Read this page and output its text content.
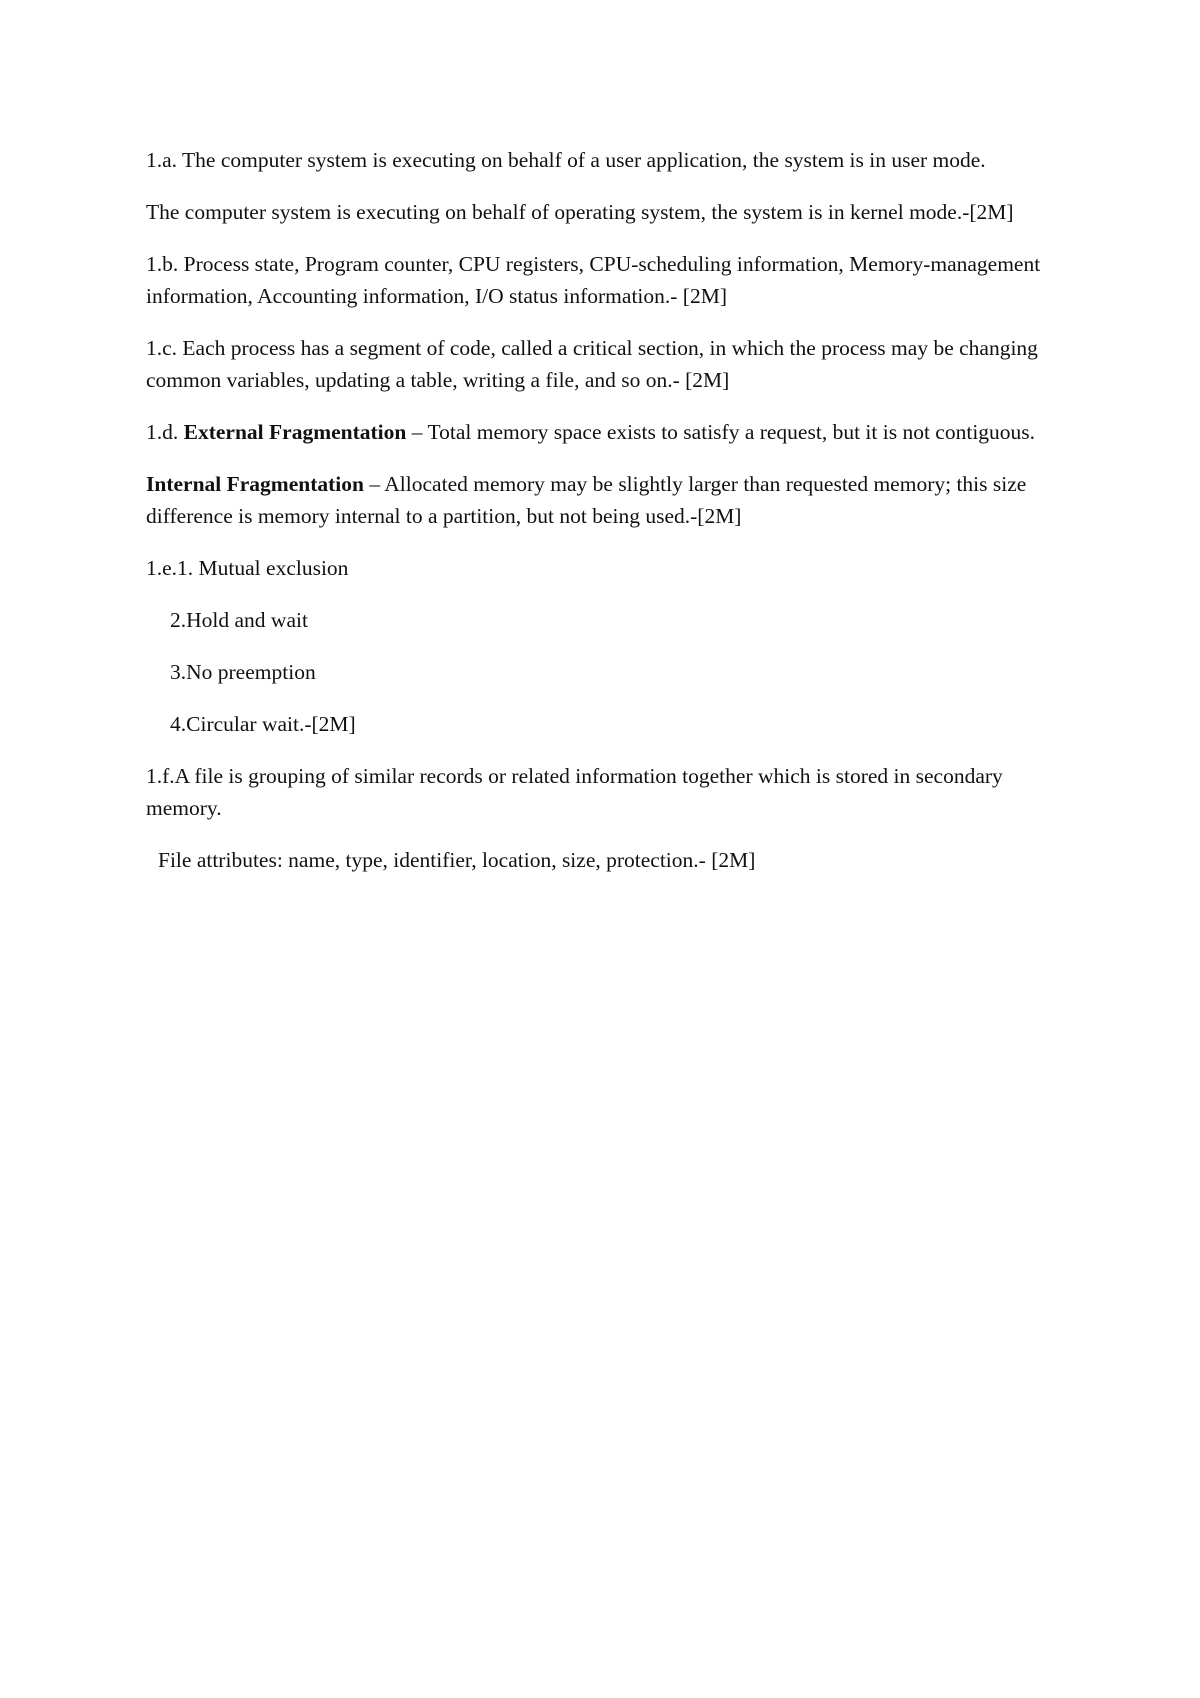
1.a. The computer system is executing on behalf of a user application, the system is in user mode.

The computer system is executing on behalf of operating system, the system is in kernel mode.-[2M]

1.b. Process state, Program counter, CPU registers, CPU-scheduling information, Memory-management information, Accounting information, I/O status information.- [2M]

1.c. Each process has a segment of code, called a critical section, in which the process may be changing common variables, updating a table, writing a file, and so on.- [2M]

1.d. External Fragmentation – Total memory space exists to satisfy a request, but it is not contiguous.

Internal Fragmentation – Allocated memory may be slightly larger than requested memory; this size difference is memory internal to a partition, but not being used.-[2M]

1.e.1. Mutual exclusion

2.Hold and wait

3.No preemption

4.Circular wait.-[2M]

1.f.A file is grouping of similar records or related information together which is stored in secondary memory.

File attributes: name, type, identifier, location, size, protection.- [2M]
